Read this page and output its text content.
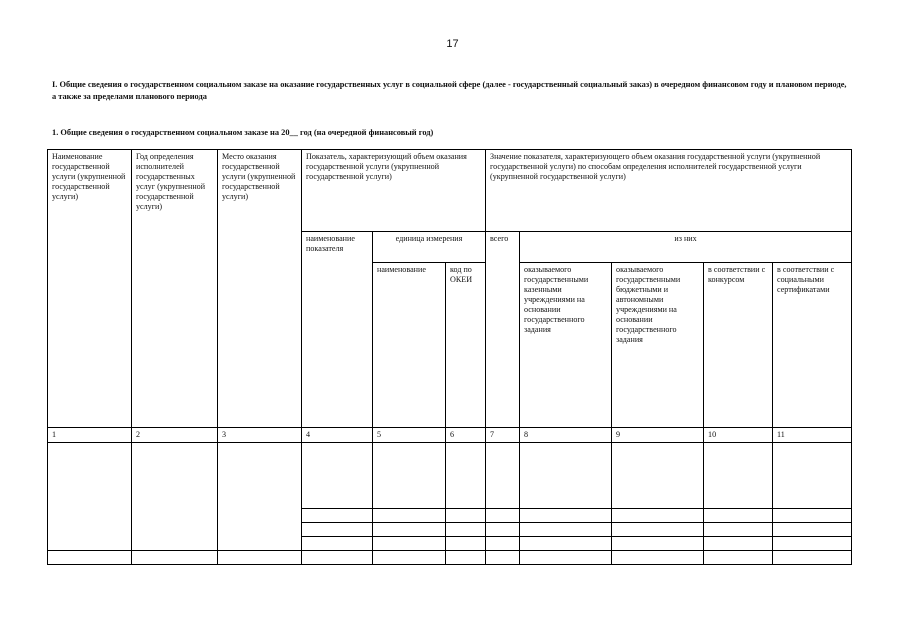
17
I. Общие сведения о государственном социальном заказе на оказание государственных услуг в социальной сфере (далее - государственный социальный заказ) в очередном финансовом году и плановом периоде, а также за пределами планового периода
1. Общие сведения о государственном социальном заказе на 20__ год (на очередной финансовый год)
Наименование государственной услуги (укрупненной государственной услуги)	Год определения исполнителей государственных услуг (укрупненной государственной услуги)	Место оказания государственной услуги (укрупненной государственной услуги)	Показатель, характеризующий объем оказания государственной услуги (укрупненной государственной услуги)			Значение показателя, характеризующего объем оказания государственной услуги (укрупненной государственной услуги) по способам определения исполнителей государственной услуги (укрупненной государственной услуги)				
			наименование показателя	единица измерения		всего	из них			
				наименование	код по ОКЕИ		оказываемого государственными казенными учреждениями на основании государственного задания	оказываемого государственными бюджетными и автономными учреждениями на основании государственного задания	в соответствии с конкурсом	в соответствии с социальными сертификатами
1	2	3	4	5	6	7	8	9	10	11
